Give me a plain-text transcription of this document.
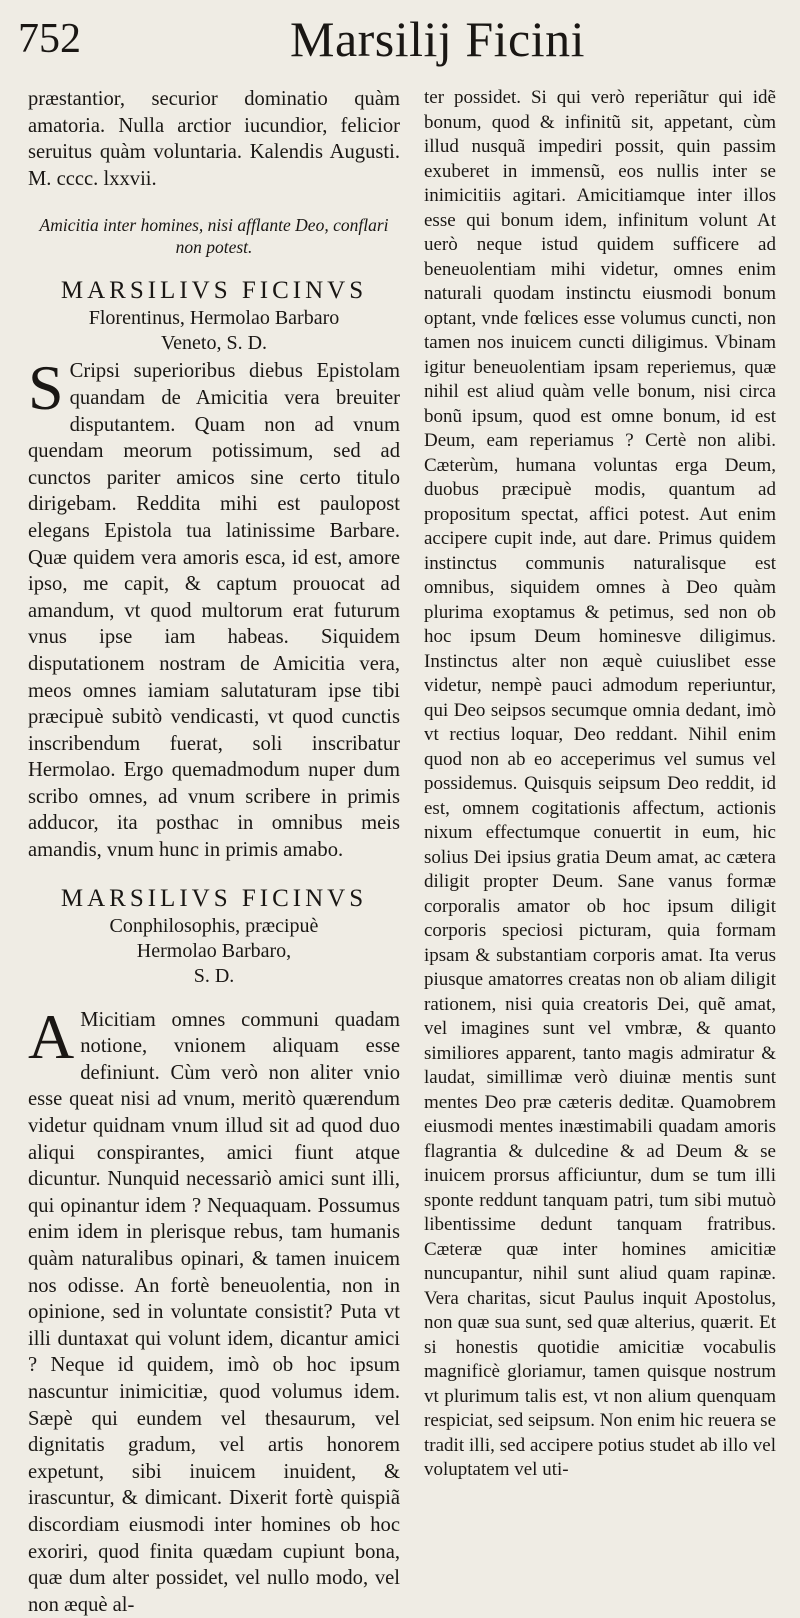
752	Marsilij Ficini

præstantior, securior dominatio quàm amatoria. Nulla arctior iucundior, felicior seruitus quàm voluntaria. Kalendis Augusti. M. cccc. lxxvii.

Amicitia inter homines, nisi afflante Deo, conflari non potest.
MARSILIVS FICINVS
Florentinus, Hermolao Barbaro
Veneto, S. D.
S Cripsi superioribus diebus Epistolam quandam de Amicitia vera breuiter disputantem. Quam non ad vnum quendam meorum potissimum, sed ad cunctos pariter amicos sine certo titulo dirigebam. Reddita mihi est paulopost elegans Epistola tua latinissime Barbare. Quæ quidem vera amoris esca, id est, amore ipso, me capit, & captum prouocat ad amandum, vt quod multorum erat futurum vnus ipse iam habeas. Siquidem disputationem nostram de Amicitia vera, meos omnes iamiam salutaturam ipse tibi præcipuè subitò vendicasti, vt quod cunctis inscribendum fuerat, soli inscribatur Hermolao. Ergo quemadmodum nuper dum scribo omnes, ad vnum scribere in primis adducor, ita posthac in omnibus meis amandis, vnum hunc in primis amabo.

MARSILIVS FICINVS
Conphilosophis, præcipuè
Hermolao Barbaro,
S. D.
A Micitiam omnes communi quadam notione, vnionem aliquam esse definiunt. Cùm verò non aliter vnio esse queat nisi ad vnum, meritò quærendum videtur quidnam vnum illud sit ad quod duo aliqui conspirantes, amici fiunt atque dicuntur. Nunquid necessariò amici sunt illi, qui opinantur idem ? Nequaquam. Possumus enim idem in plerisque rebus, tam humanis quàm naturalibus opinari, & tamen inuicem nos odisse. An fortè beneuolentia, non in opinione, sed in voluntate consistit? Puta vt illi duntaxat qui volunt idem, dicantur amici ? Neque id quidem, imò ob hoc ipsum nascuntur inimicitiæ, quod volumus idem. Sæpè qui eundem vel thesaurum, vel dignitatis gradum, vel artis honorem expetunt, sibi inuicem inuident, & irascuntur, & dimicant. Dixerit fortè quispiã discordiam eiusmodi inter homines ob hoc exoriri, quod finita quædam cupiunt bona, quæ dum alter possidet, vel nullo modo, vel non æquè al-

ter possidet. Si qui verò reperiãtur qui idẽ bonum, quod & infinitũ sit, appetant, cùm illud nusquã impediri possit, quin passim exuberet in immensũ, eos nullis inter se inimicitiis agitari. Amicitiamque inter illos esse qui bonum idem, infinitum volunt At uerò neque istud quidem sufficere ad beneuolentiam mihi videtur, omnes enim naturali quodam instinctu eiusmodi bonum optant, vnde fœlices esse volumus cuncti, non tamen nos inuicem cuncti diligimus. Vbinam igitur beneuolentiam ipsam reperiemus, quæ nihil est aliud quàm velle bonum, nisi circa bonũ ipsum, quod est omne bonum, id est Deum, eam reperiamus ? Certè non alibi. Cæterùm, humana voluntas erga Deum, duobus præcipuè modis, quantum ad propositum spectat, affici potest. Aut enim accipere cupit inde, aut dare. Primus quidem instinctus communis naturalisque est omnibus, siquidem omnes à Deo quàm plurima exoptamus & petimus, sed non ob hoc ipsum Deum hominesve diligimus. Instinctus alter non æquè cuiuslibet esse videtur, nempè pauci admodum reperiuntur, qui Deo seipsos secumque omnia dedant, imò vt rectius loquar, Deo reddant. Nihil enim quod non ab eo acceperimus vel sumus vel possidemus. Quisquis seipsum Deo reddit, id est, omnem cogitationis affectum, actionis nixum effectumque conuertit in eum, hic solius Dei ipsius gratia Deum amat, ac cætera diligit propter Deum. Sane vanus formæ corporalis amator ob hoc ipsum diligit corporis speciosi picturam, quia formam ipsam & substantiam corporis amat. Ita verus piusque amatorres creatas non ob aliam diligit rationem, nisi quia creatoris Dei, quẽ amat, vel imagines sunt vel vmbræ, & quanto similiores apparent, tanto magis admiratur & laudat, simillimæ verò diuinæ mentis sunt mentes Deo præ cæteris deditæ. Quamobrem eiusmodi mentes inæstimabili quadam amoris flagrantia & dulcedine & ad Deum & se inuicem prorsus afficiuntur, dum se tum illi sponte reddunt tanquam patri, tum sibi mutuò libentissime dedunt tanquam fratribus. Cæteræ quæ inter homines amicitiæ nuncupantur, nihil sunt aliud quam rapinæ. Vera charitas, sicut Paulus inquit Apostolus, non quæ sua sunt, sed quæ alterius, quærit. Et si honestis quotidie amicitiæ vocabulis magnificè gloriamur, tamen quisque nostrum vt plurimum talis est, vt non alium quenquam respiciat, sed seipsum. Non enim hic reuera se tradit illi, sed accipere potius studet ab illo vel voluptatem vel uti-
